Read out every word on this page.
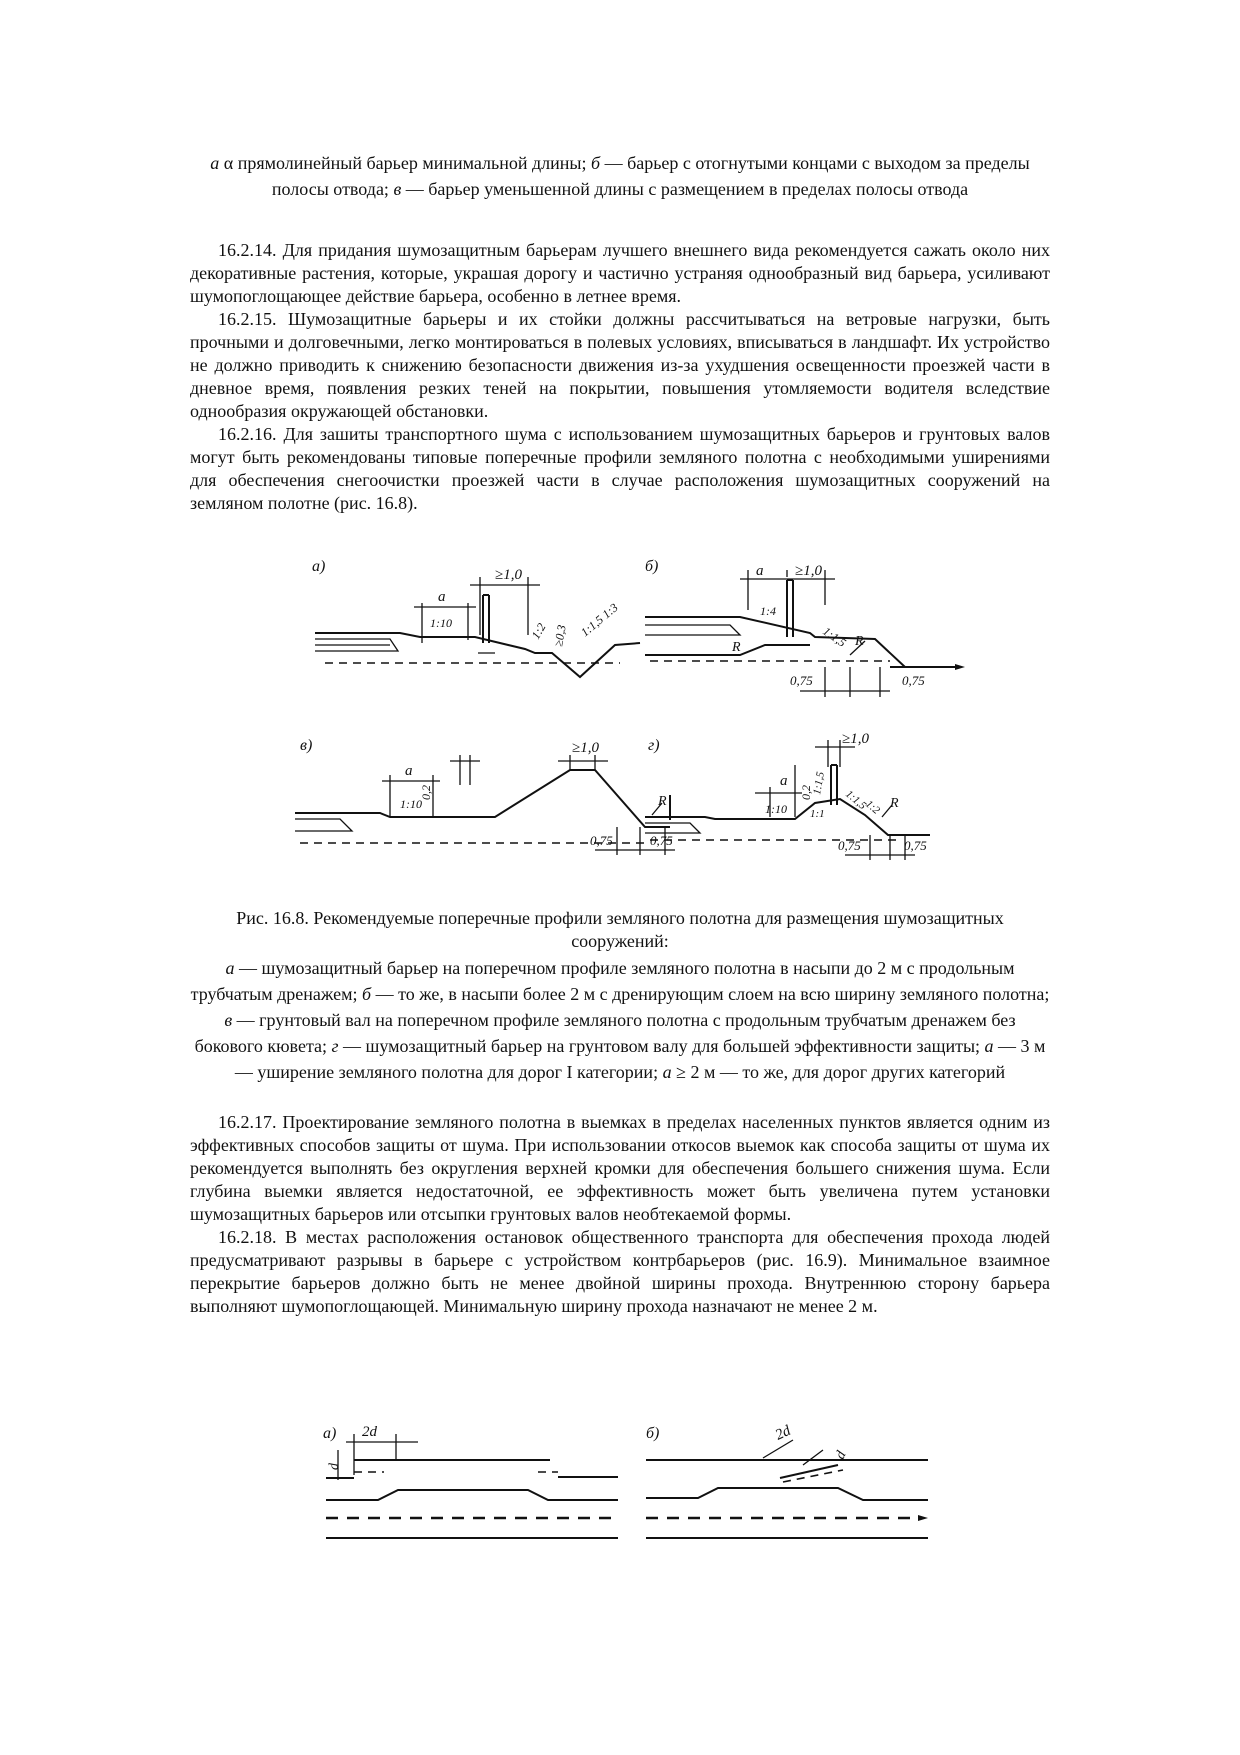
а α прямолинейный барьер минимальной длины; б — барьер с отогнутыми концами с выходом за пределы полосы отвода; в — барьер уменьшенной длины с размещением в пределах полосы отвода

16.2.14. Для придания шумозащитным барьерам лучшего внешнего вида рекомендуется сажать около них декоративные растения, которые, украшая дорогу и частично устраняя однообразный вид барьера, усиливают шумопоглощающее действие барьера, особенно в летнее время.

16.2.15. Шумозащитные барьеры и их стойки должны рассчитываться на ветровые нагрузки, быть прочными и долговечными, легко монтироваться в полевых условиях, вписываться в ландшафт. Их устройство не должно приводить к снижению безопасности движения из-за ухудшения освещенности проезжей части в дневное время, появления резких теней на покрытии, повышения утомляемости водителя вследствие однообразия окружающей обстановки.

16.2.16. Для зашиты транспортного шума с использованием шумозащитных барьеров и грунтовых валов могут быть рекомендованы типовые поперечные профили земляного полотна с необходимыми уширениями для обеспечения снегоочистки проезжей части в случае расположения шумозащитных сооружений на земляном полотне (рис. 16.8).

а)	≥1,0
a
1:10	1:2 ≥0,3 1:1,5 1:3
б)	a ≥1,0
1:4
1:1,5
R	R
0,75	0,75
в)
a
0,2
1:10
≥1,0
R
0,75	0,75
г)	≥1,0
a
1:10
0,2
1:1,5
1:1
1:1,5
1:2 R
0,75	0,75

Рис. 16.8. Рекомендуемые поперечные профили земляного полотна для размещения шумозащитных сооружений:

а — шумозащитный барьер на поперечном профиле земляного полотна в насыпи до 2 м с продольным трубчатым дренажем; б — то же, в насыпи более 2 м с дренирующим слоем на всю ширину земляного полотна; в — грунтовый вал на поперечном профиле земляного полотна с продольным трубчатым дренажем без бокового кювета; г — шумозащитный барьер на грунтовом валу для большей эффективности защиты; а — 3 м — уширение земляного полотна для дорог I категории; а ≥ 2 м — то же, для дорог других категорий

16.2.17. Проектирование земляного полотна в выемках в пределах населенных пунктов является одним из эффективных способов защиты от шума. При использовании откосов выемок как способа защиты от шума их рекомендуется выполнять без округления верхней кромки для обеспечения большего снижения шума. Если глубина выемки является недостаточной, ее эффективность может быть увеличена путем установки шумозащитных барьеров или отсыпки грунтовых валов необтекаемой формы.

16.2.18. В местах расположения остановок общественного транспорта для обеспечения прохода людей предусматривают разрывы в барьере с устройством контрбарьеров (рис. 16.9). Минимальное взаимное перекрытие барьеров должно быть не менее двойной ширины прохода. Внутреннюю сторону барьера выполняют шумопоглощающей. Минимальную ширину прохода назначают не менее 2 м.

а) 2d
d
б)	2d
d
